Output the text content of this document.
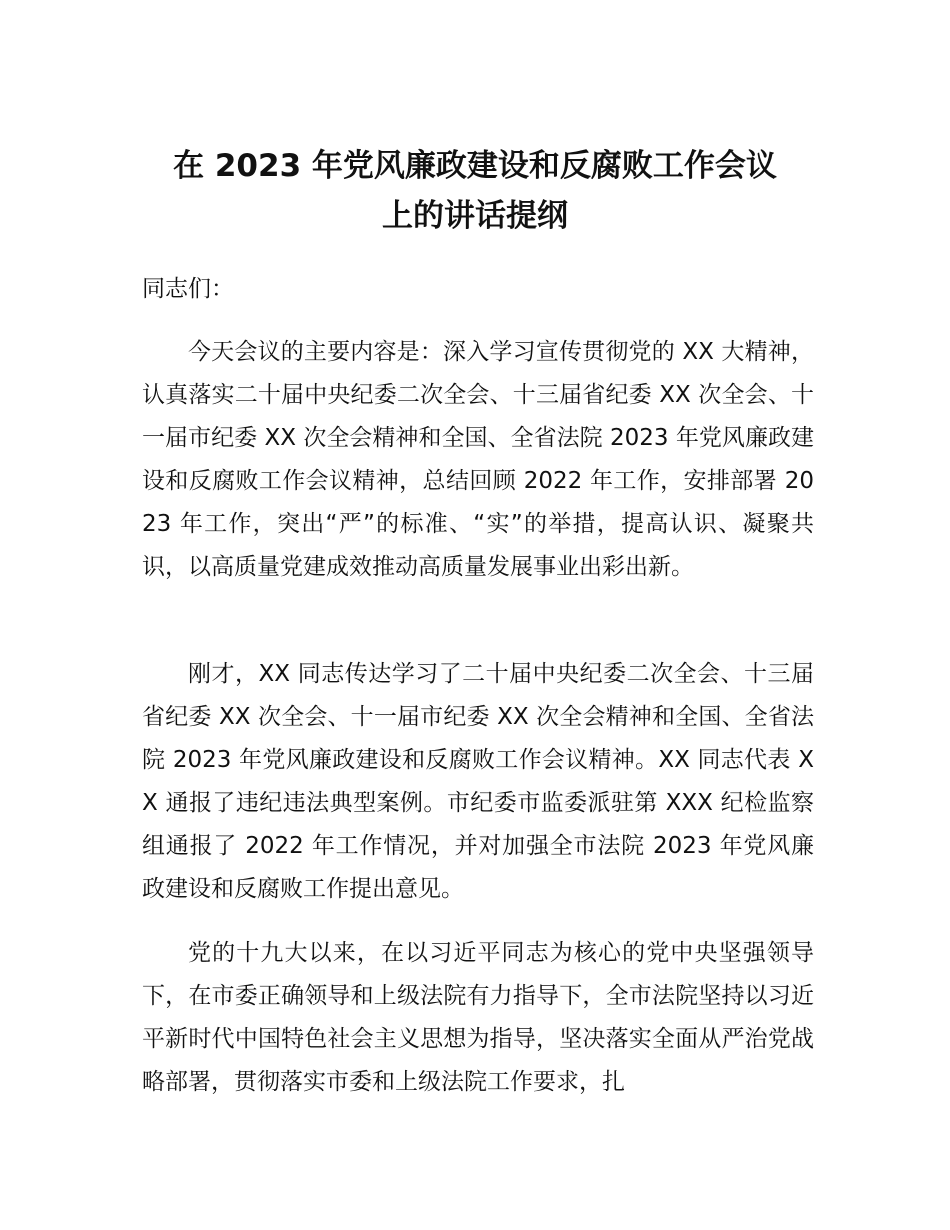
在 2023 年党风廉政建设和反腐败工作会议
上的讲话提纲

同志们：

今天会议的主要内容是：深入学习宣传贯彻党的 XX 大精神，认真落实二十届中央纪委二次全会、十三届省纪委 XX 次全会、十一届市纪委 XX 次全会精神和全国、全省法院 2023 年党风廉政建设和反腐败工作会议精神，总结回顾 2022 年工作，安排部署 2023 年工作，突出“严”的标准、“实”的举措，提高认识、凝聚共识，以高质量党建成效推动高质量发展事业出彩出新。

刚才，XX 同志传达学习了二十届中央纪委二次全会、十三届省纪委 XX 次全会、十一届市纪委 XX 次全会精神和全国、全省法院 2023 年党风廉政建设和反腐败工作会议精神。XX 同志代表 XX 通报了违纪违法典型案例。市纪委市监委派驻第 XXX 纪检监察组通报了 2022 年工作情况，并对加强全市法院 2023 年党风廉政建设和反腐败工作提出意见。

党的十九大以来，在以习近平同志为核心的党中央坚强领导下，在市委正确领导和上级法院有力指导下，全市法院坚持以习近平新时代中国特色社会主义思想为指导，坚决落实全面从严治党战略部署，贯彻落实市委和上级法院工作要求，扎
